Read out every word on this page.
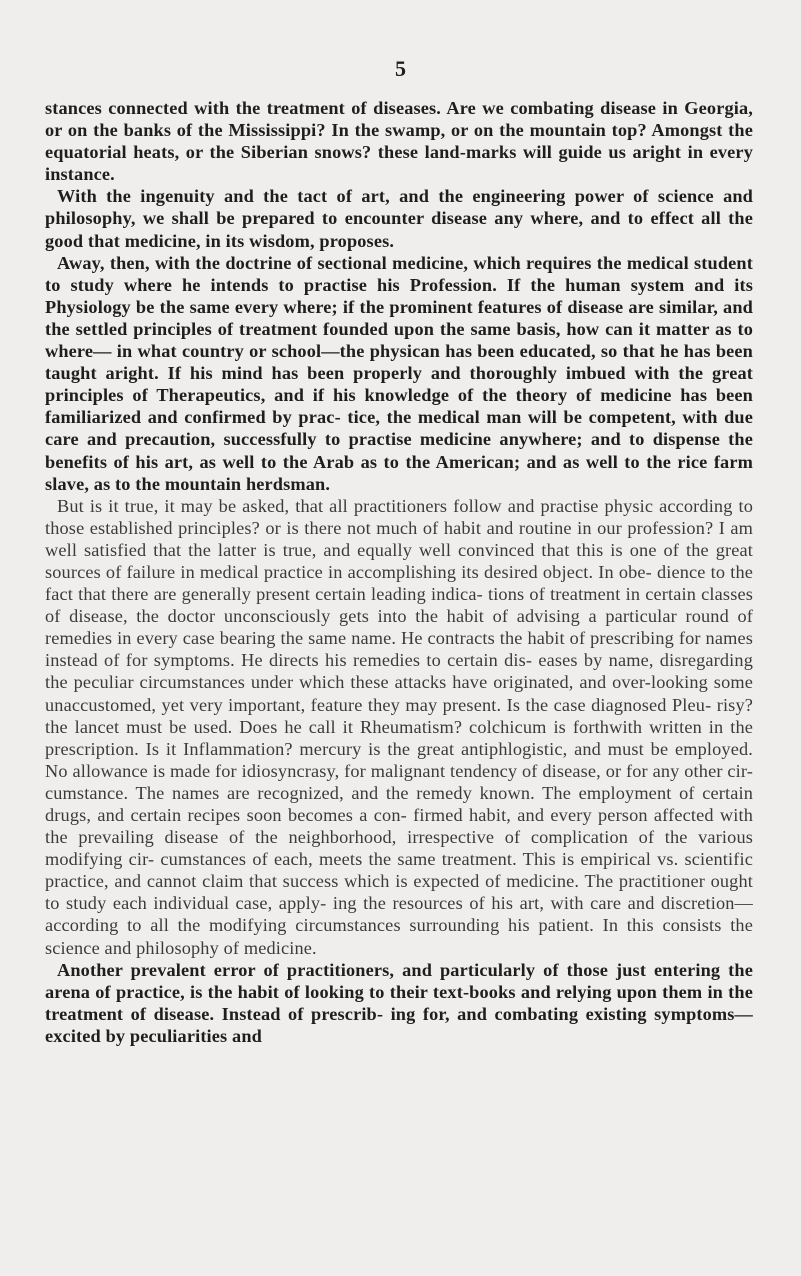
5

stances connected with the treatment of diseases. Are we combating disease in Georgia, or on the banks of the Mississippi? In the swamp, or on the mountain top? Amongst the equatorial heats, or the Siberian snows? these land-marks will guide us aright in every instance.

With the ingenuity and the tact of art, and the engineering power of science and philosophy, we shall be prepared to encounter disease any where, and to effect all the good that medicine, in its wisdom, proposes.

Away, then, with the doctrine of sectional medicine, which requires the medical student to study where he intends to practise his Profession. If the human system and its Physiology be the same every where; if the prominent features of disease are similar, and the settled principles of treatment founded upon the same basis, how can it matter as to where— in what country or school—the physican has been educated, so that he has been taught aright. If his mind has been properly and thoroughly imbued with the great principles of Therapeutics, and if his knowledge of the theory of medicine has been familiarized and confirmed by prac- tice, the medical man will be competent, with due care and precaution, successfully to practise medicine anywhere; and to dispense the benefits of his art, as well to the Arab as to the American; and as well to the rice farm slave, as to the mountain herdsman.

But is it true, it may be asked, that all practitioners follow and practise physic according to those established principles? or is there not much of habit and routine in our profession? I am well satisfied that the latter is true, and equally well convinced that this is one of the great sources of failure in medical practice in accomplishing its desired object. In obe- dience to the fact that there are generally present certain leading indica- tions of treatment in certain classes of disease, the doctor unconsciously gets into the habit of advising a particular round of remedies in every case bearing the same name. He contracts the habit of prescribing for names instead of for symptoms. He directs his remedies to certain dis- eases by name, disregarding the peculiar circumstances under which these attacks have originated, and over-looking some unaccustomed, yet very important, feature they may present. Is the case diagnosed Pleu- risy? the lancet must be used. Does he call it Rheumatism? colchicum is forthwith written in the prescription. Is it Inflammation? mercury is the great antiphlogistic, and must be employed. No allowance is made for idiosyncrasy, for malignant tendency of disease, or for any other cir- cumstance. The names are recognized, and the remedy known. The employment of certain drugs, and certain recipes soon becomes a con- firmed habit, and every person affected with the prevailing disease of the neighborhood, irrespective of complication of the various modifying cir- cumstances of each, meets the same treatment. This is empirical vs. scientific practice, and cannot claim that success which is expected of medicine. The practitioner ought to study each individual case, apply- ing the resources of his art, with care and discretion—according to all the modifying circumstances surrounding his patient. In this consists the science and philosophy of medicine.

Another prevalent error of practitioners, and particularly of those just entering the arena of practice, is the habit of looking to their text-books and relying upon them in the treatment of disease. Instead of prescrib- ing for, and combating existing symptoms—excited by peculiarities and
